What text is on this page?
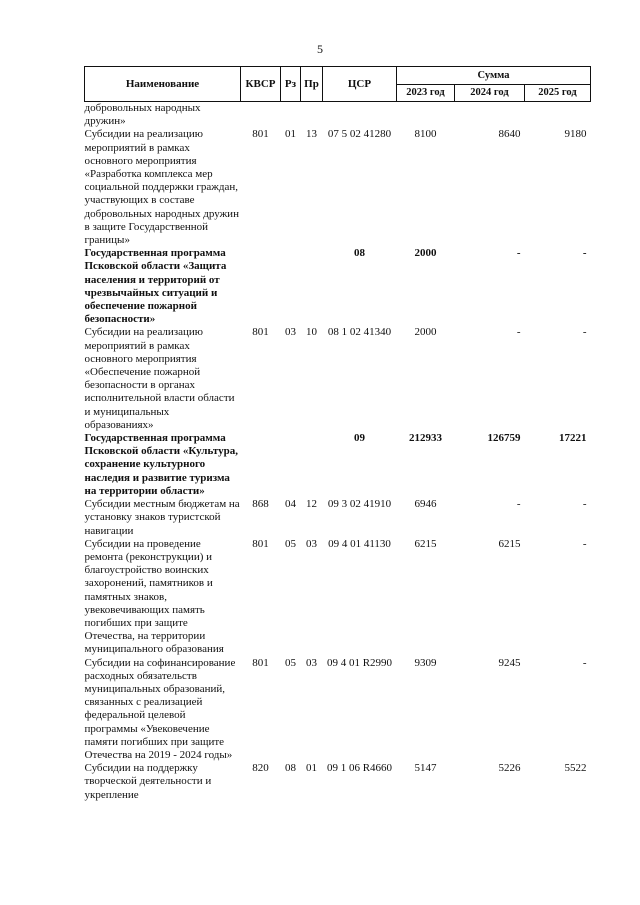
5
Наименование	КВСР	Рз	Пр	ЦСР	Сумма		
					2023 год	2024 год	2025 год
добровольных народных дружин»							
Субсидии на реализацию мероприятий в рамках основного мероприятия «Разработка комплекса мер социальной поддержки граждан, участвующих в составе добровольных народных дружин в защите Государственной границы»	801	01	13	07 5 02 41280	8100	8640	9180
Государственная программа Псковской области «Защита населения и территорий от чрезвычайных ситуаций и обеспечение пожарной безопасности»				08	2000	-	-
Субсидии на реализацию мероприятий в рамках основного мероприятия «Обеспечение пожарной безопасности в органах исполнительной власти области и муниципальных образованиях»	801	03	10	08 1 02 41340	2000	-	-
Государственная программа Псковской области «Культура, сохранение культурного наследия и развитие туризма на территории области»				09	212933	126759	17221
Субсидии местным бюджетам на установку знаков туристской навигации	868	04	12	09 3 02 41910	6946	-	-
Субсидии на проведение ремонта (реконструкции) и благоустройство воинских захоронений, памятников и памятных знаков, увековечивающих память погибших при защите Отечества, на территории муниципального образования	801	05	03	09 4 01 41130	6215	6215	-
Субсидии на софинансирование расходных обязательств муниципальных образований, связанных с реализацией федеральной целевой программы «Увековечение памяти погибших при защите Отечества на 2019 - 2024 годы»	801	05	03	09 4 01 R2990	9309	9245	-
Субсидии на поддержку творческой деятельности и укрепление	820	08	01	09 1 06 R4660	5147	5226	5522
